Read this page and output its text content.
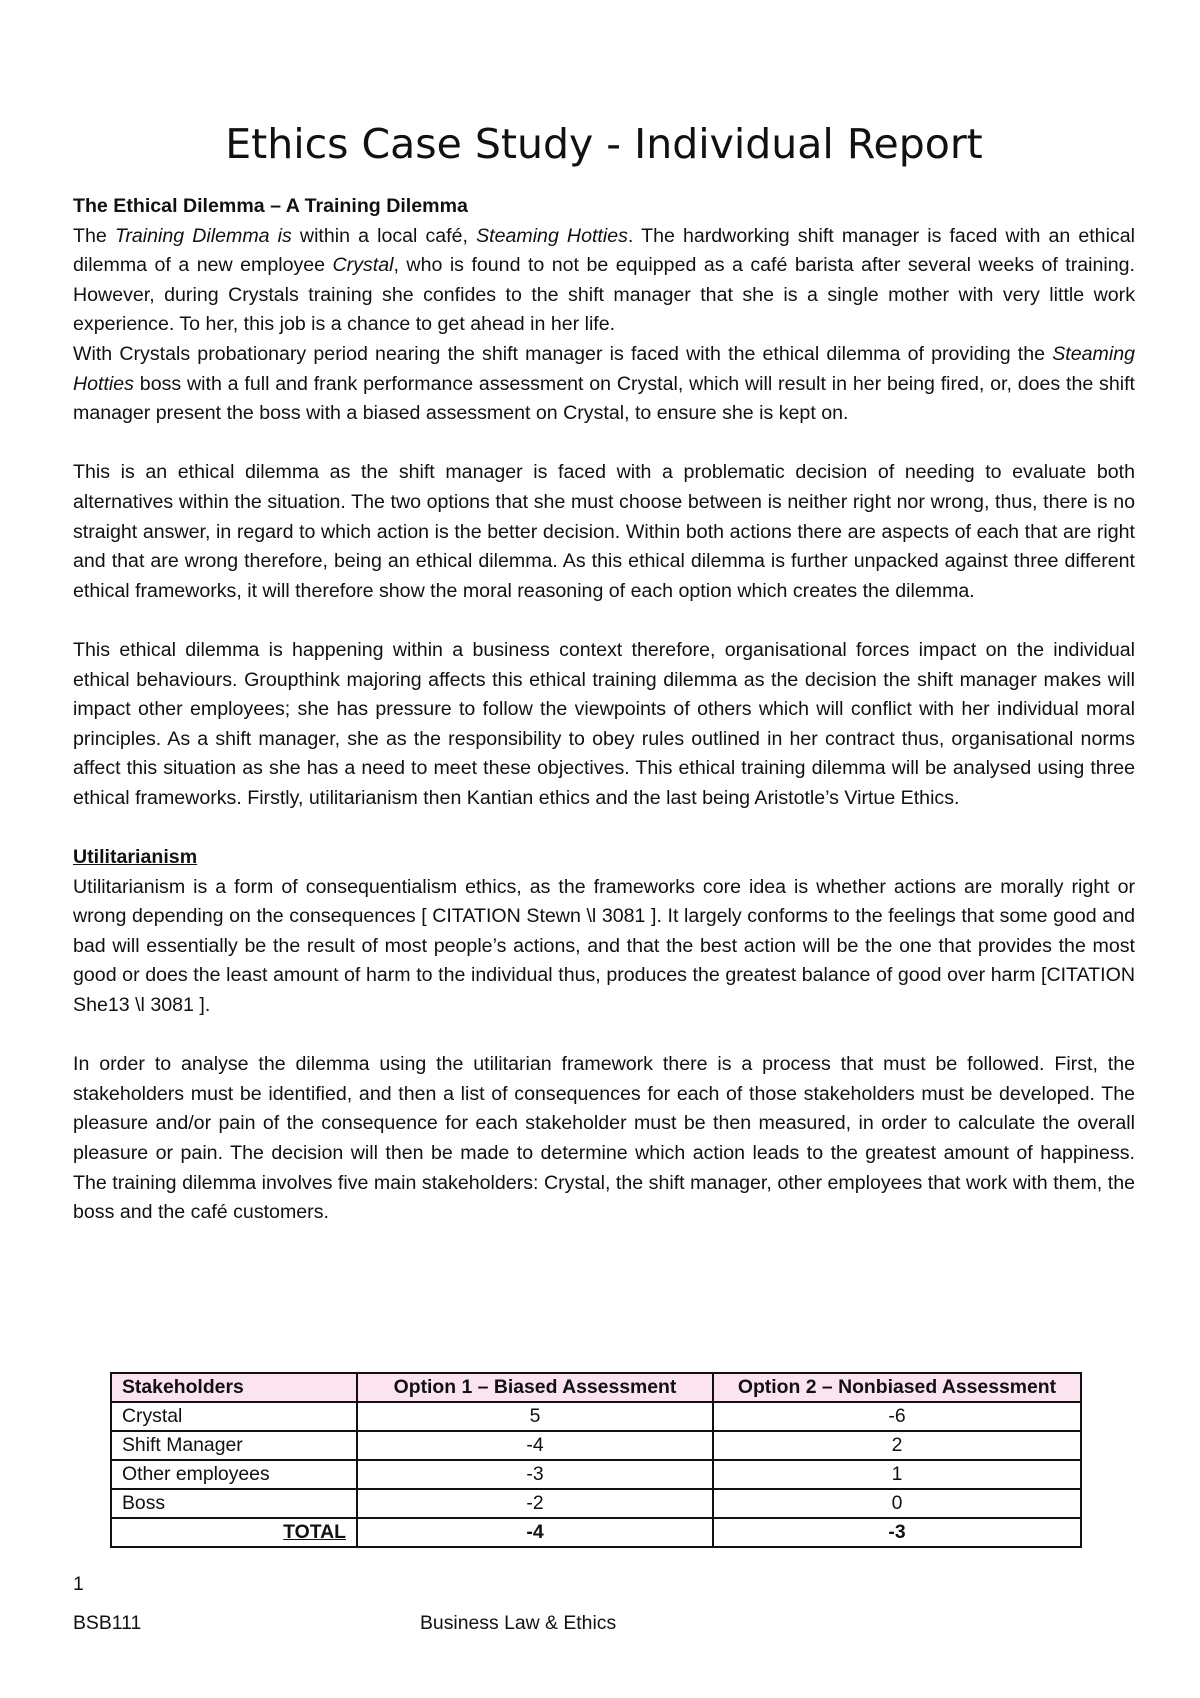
Ethics Case Study - Individual Report

The Ethical Dilemma – A Training Dilemma

The Training Dilemma is within a local café, Steaming Hotties. The hardworking shift manager is faced with an ethical dilemma of a new employee Crystal, who is found to not be equipped as a café barista after several weeks of training. However, during Crystals training she confides to the shift manager that she is a single mother with very little work experience. To her, this job is a chance to get ahead in her life.

With Crystals probationary period nearing the shift manager is faced with the ethical dilemma of providing the Steaming Hotties boss with a full and frank performance assessment on Crystal, which will result in her being fired, or, does the shift manager present the boss with a biased assessment on Crystal, to ensure she is kept on.

This is an ethical dilemma as the shift manager is faced with a problematic decision of needing to evaluate both alternatives within the situation. The two options that she must choose between is neither right nor wrong, thus, there is no straight answer, in regard to which action is the better decision. Within both actions there are aspects of each that are right and that are wrong therefore, being an ethical dilemma. As this ethical dilemma is further unpacked against three different ethical frameworks, it will therefore show the moral reasoning of each option which creates the dilemma.

This ethical dilemma is happening within a business context therefore, organisational forces impact on the individual ethical behaviours. Groupthink majoring affects this ethical training dilemma as the decision the shift manager makes will impact other employees; she has pressure to follow the viewpoints of others which will conflict with her individual moral principles. As a shift manager, she as the responsibility to obey rules outlined in her contract thus, organisational norms affect this situation as she has a need to meet these objectives. This ethical training dilemma will be analysed using three ethical frameworks. Firstly, utilitarianism then Kantian ethics and the last being Aristotle’s Virtue Ethics.

Utilitarianism

Utilitarianism is a form of consequentialism ethics, as the frameworks core idea is whether actions are morally right or wrong depending on the consequences [ CITATION Stewn \l 3081 ]. It largely conforms to the feelings that some good and bad will essentially be the result of most people’s actions, and that the best action will be the one that provides the most good or does the least amount of harm to the individual thus, produces the greatest balance of good over harm [CITATION She13 \l 3081 ].

In order to analyse the dilemma using the utilitarian framework there is a process that must be followed. First, the stakeholders must be identified, and then a list of consequences for each of those stakeholders must be developed. The pleasure and/or pain of the consequence for each stakeholder must be then measured, in order to calculate the overall pleasure or pain. The decision will then be made to determine which action leads to the greatest amount of happiness. The training dilemma involves five main stakeholders: Crystal, the shift manager, other employees that work with them, the boss and the café customers.

Stakeholders	Option 1 – Biased Assessment	Option 2 – Nonbiased Assessment
Crystal	5	-6
Shift Manager	-4	2
Other employees	-3	1
Boss	-2	0
TOTAL	-4	-3
1
BSB111	Business Law & Ethics
